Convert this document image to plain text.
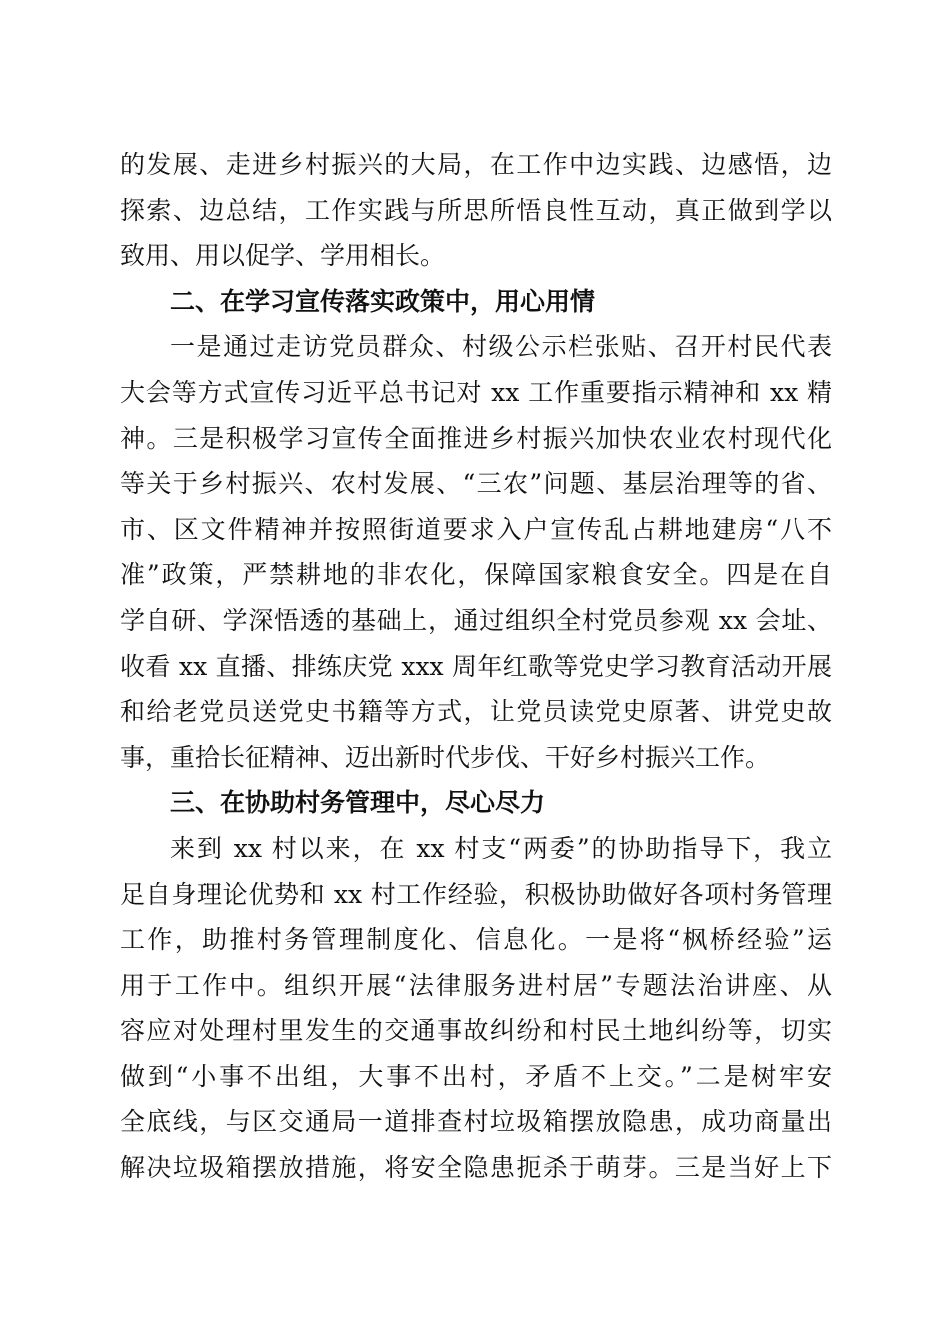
的发展、走进乡村振兴的大局，在工作中边实践、边感悟，边
探索、边总结，工作实践与所思所悟良性互动，真正做到学以
致用、用以促学、学用相长。
二、在学习宣传落实政策中，用心用情
一是通过走访党员群众、村级公示栏张贴、召开村民代表
大会等方式宣传习近平总书记对 xx 工作重要指示精神和 xx 精
神。三是积极学习宣传全面推进乡村振兴加快农业农村现代化
等关于乡村振兴、农村发展、“三农”问题、基层治理等的省、
市、区文件精神并按照街道要求入户宣传乱占耕地建房“八不
准”政策，严禁耕地的非农化，保障国家粮食安全。四是在自
学自研、学深悟透的基础上，通过组织全村党员参观 xx 会址、
收看 xx 直播、排练庆党 xxx 周年红歌等党史学习教育活动开展
和给老党员送党史书籍等方式，让党员读党史原著、讲党史故
事，重拾长征精神、迈出新时代步伐、干好乡村振兴工作。
三、在协助村务管理中，尽心尽力
来到 xx 村以来，在 xx 村支“两委”的协助指导下，我立
足自身理论优势和 xx 村工作经验，积极协助做好各项村务管理
工作，助推村务管理制度化、信息化。一是将“枫桥经验”运
用于工作中。组织开展“法律服务进村居”专题法治讲座、从
容应对处理村里发生的交通事故纠纷和村民土地纠纷等，切实
做到“小事不出组，大事不出村，矛盾不上交。”二是树牢安
全底线，与区交通局一道排查村垃圾箱摆放隐患，成功商量出
解决垃圾箱摆放措施，将安全隐患扼杀于萌芽。三是当好上下
